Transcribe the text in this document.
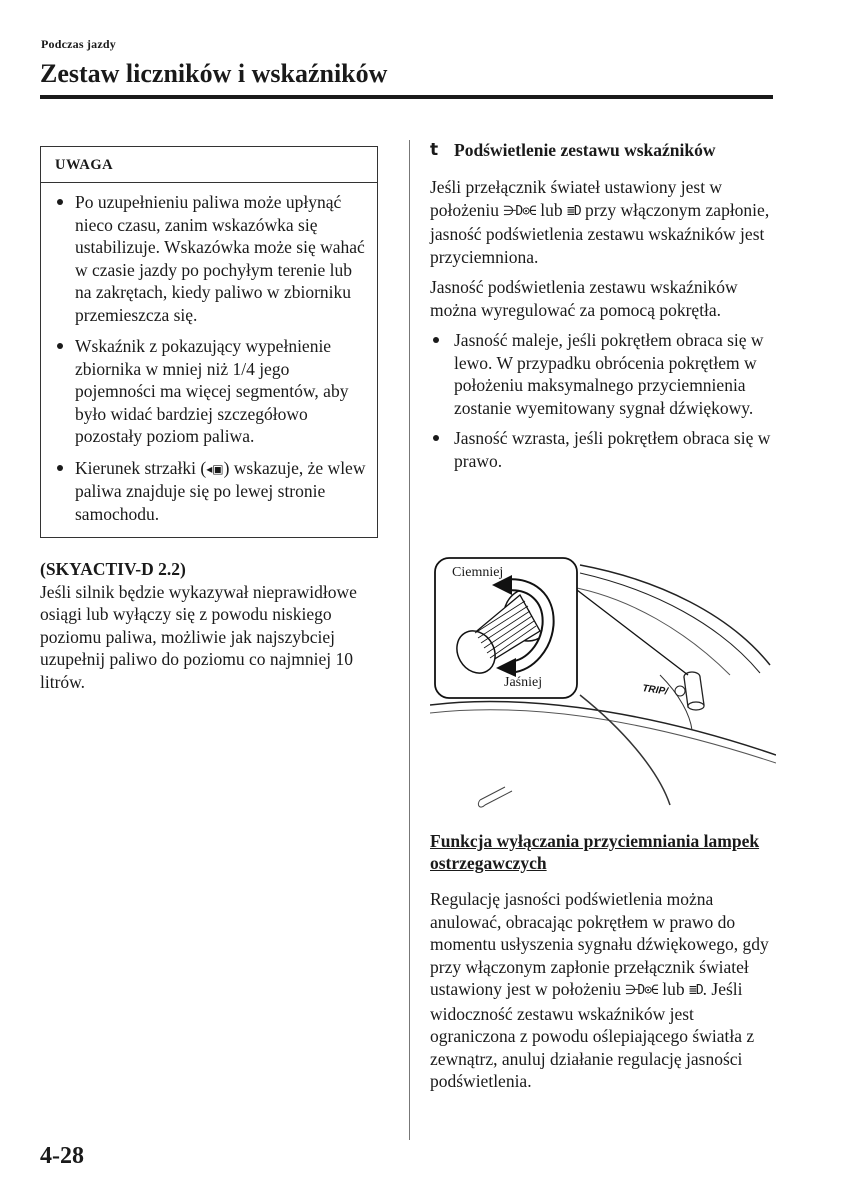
Podczas jazdy
Zestaw liczników i wskaźników
UWAGA
Po uzupełnieniu paliwa może upłynąć nieco czasu, zanim wskazówka się ustabilizuje. Wskazówka może się wahać w czasie jazdy po pochyłym terenie lub na zakrętach, kiedy paliwo w zbiorniku przemieszcza się.
Wskaźnik z pokazujący wypełnienie zbiornika w mniej niż 1/4 jego pojemności ma więcej segmentów, aby było widać bardziej szczegółowo pozostały poziom paliwa.
Kierunek strzałki (◂▣) wskazuje, że wlew paliwa znajduje się po lewej stronie samochodu.
(SKYACTIV-D 2.2)
Jeśli silnik będzie wykazywał nieprawidłowe osiągi lub wyłączy się z powodu niskiego poziomu paliwa, możliwie jak najszybciej uzupełnij paliwo do poziomu co najmniej 10 litrów.
t Podświetlenie zestawu wskaźników

Jeśli przełącznik świateł ustawiony jest w położeniu ⋺D⊙∈ lub ≣D przy włączonym zapłonie, jasność podświetlenia zestawu wskaźników jest przyciemniona.

Jasność podświetlenia zestawu wskaźników można wyregulować za pomocą pokrętła.

Jasność maleje, jeśli pokrętłem obraca się w lewo. W przypadku obrócenia pokrętłem w położeniu maksymalnego przyciemnienia zostanie wyemitowany sygnał dźwiękowy.
Jasność wzrasta, jeśli pokrętłem obraca się w prawo.
TRIP/
Ciemniej
Jaśniej
Funkcja wyłączania przyciemniania lampek ostrzegawczych

Regulację jasności podświetlenia można anulować, obracając pokrętłem w prawo do momentu usłyszenia sygnału dźwiękowego, gdy przy włączonym zapłonie przełącznik świateł ustawiony jest w położeniu ⋺D⊙∈ lub ≣D. Jeśli widoczność zestawu wskaźników jest ograniczona z powodu oślepiającego światła z zewnątrz, anuluj działanie regulację jasności podświetlenia.

4-28
